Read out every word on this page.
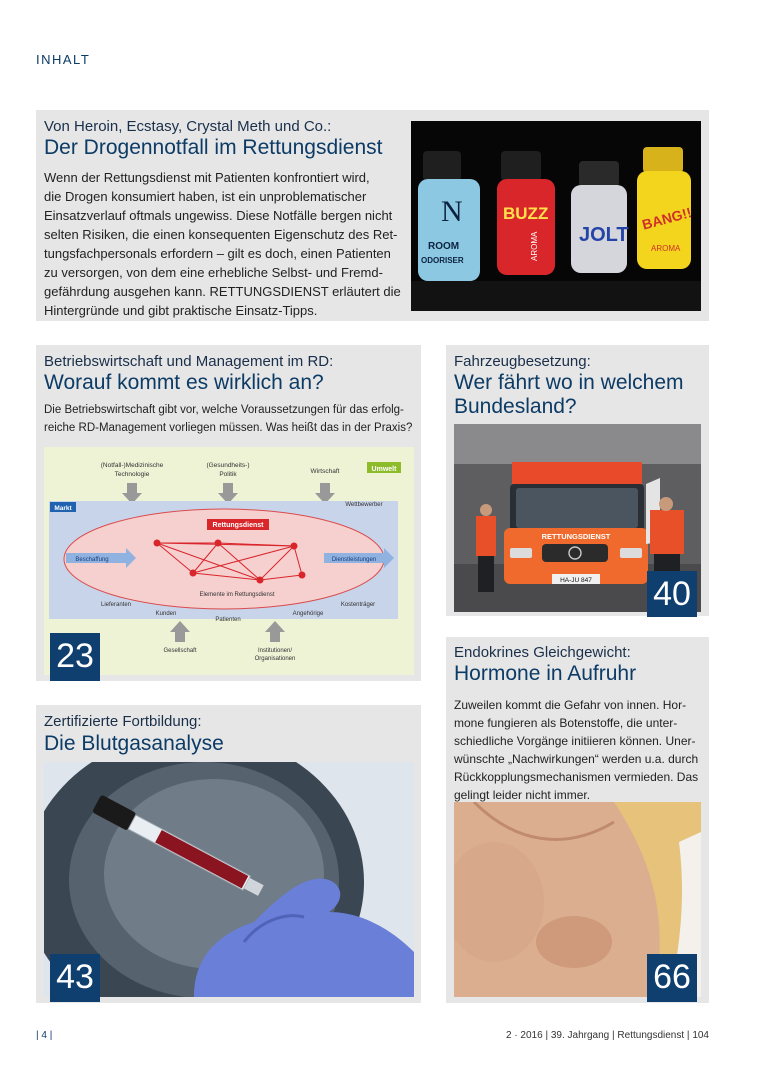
INHALT
Von Heroin, Ecstasy, Crystal Meth und Co.:
Der Drogennotfall im Rettungsdienst
Wenn der Rettungsdienst mit Patienten konfrontiert wird,
die Drogen konsumiert haben, ist ein unproblematischer
Einsatzverlauf oftmals ungewiss. Diese Notfälle bergen nicht
selten Risiken, die einen konsequenten Eigenschutz des Ret-
tungsfachpersonals erfordern – gilt es doch, einen Patienten
zu versorgen, von dem eine erhebliche Selbst- und Fremd-
gefährdung ausgehen kann. RETTUNGSDIENST erläutert die
Hintergründe und gibt praktische Einsatz-Tipps.
N
ROOM
ODORISER
BUZZ
AROMA JOLT
BANG!!
AROMA
Betriebswirtschaft und Management im RD:
Worauf kommt es wirklich an?
Die Betriebswirtschaft gibt vor, welche Voraussetzungen für das erfolg-
reiche RD-Management vorliegen müssen. Was heißt das in der Praxis?
(Notfall-)Medizinische
Technologie
(Gesundheits-)
Politik	Wirtschaft	Umwelt
Markt	Wettbewerber
Rettungsdienst
Beschaffung	Dienstleistungen
Elemente im Rettungsdienst
Lieferanten
Kunden
Patienten
Angehörige
Kostenträger
Gesellschaft	Institutionen/
Organisationen
23
Fahrzeugbesetzung:
Wer fährt wo in welchem
Bundesland?
RETTUNGSDIENST
HA-JU 847 40
Zertifizierte Fortbildung:
Die Blutgasanalyse
43
Endokrines Gleichgewicht:
Hormone in Aufruhr
Zuweilen kommt die Gefahr von innen. Hor-
mone fungieren als Botenstoffe, die unter-
schiedliche Vorgänge initiieren können. Uner-
wünschte „Nachwirkungen“ werden u.a. durch
Rückkopplungsmechanismen vermieden. Das
gelingt leider nicht immer.
66
| 4 |	2 · 2016 | 39. Jahrgang | Rettungsdienst | 104
